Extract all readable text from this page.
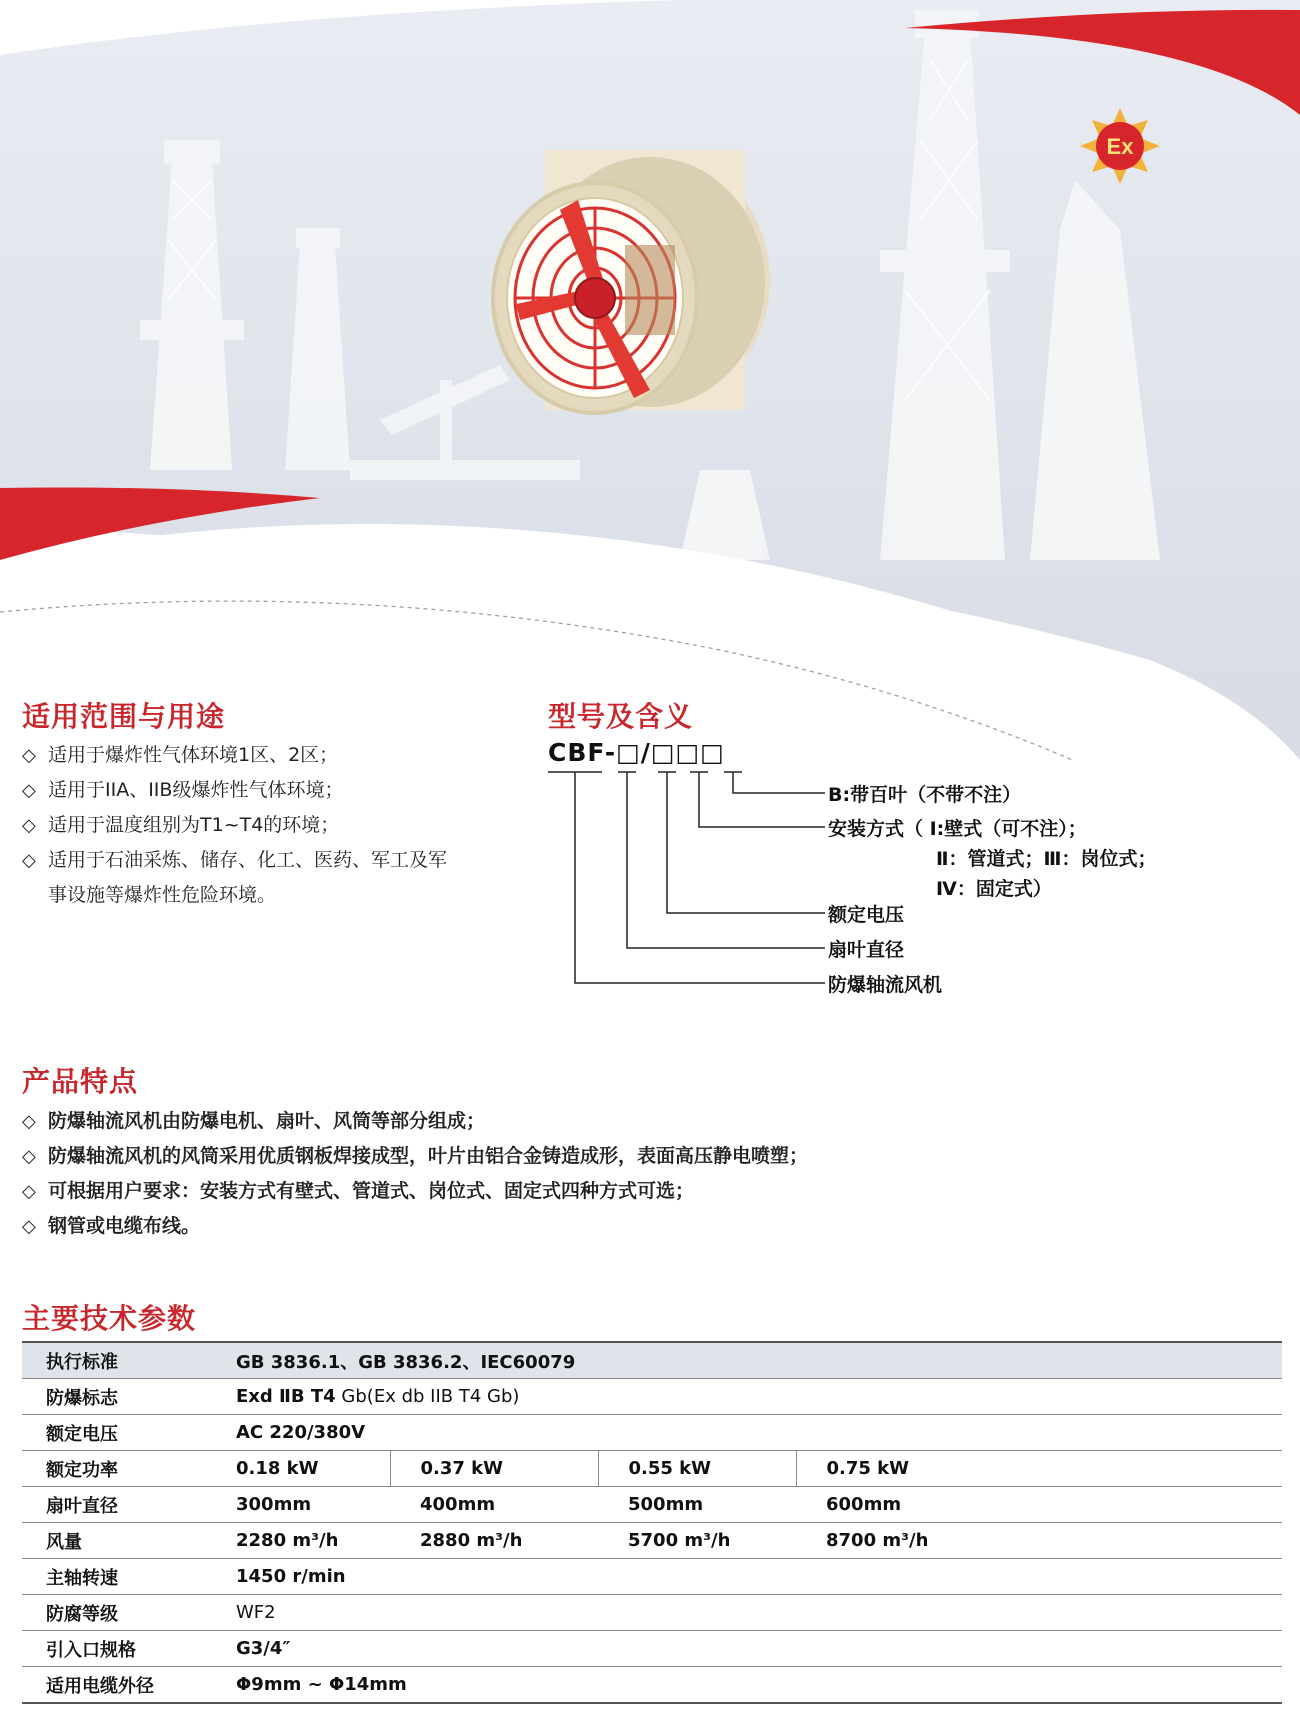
Ex
适用范围与用途
◇ 适用于爆炸性气体环境1区、2区；
◇ 适用于IIA、IIB级爆炸性气体环境；
◇ 适用于温度组别为T1~T4的环境；
◇ 适用于石油采炼、储存、化工、医药、军工及军事设施等爆炸性危险环境。
型号及含义
CBF-□/□□□
B:带百叶（不带不注）
安装方式（ Ⅰ:壁式（可不注）；
Ⅱ：管道式；Ⅲ：岗位式；
Ⅳ：固定式）
额定电压
扇叶直径
防爆轴流风机
产品特点
◇ 防爆轴流风机由防爆电机、扇叶、风筒等部分组成；
◇ 防爆轴流风机的风筒采用优质钢板焊接成型，叶片由铝合金铸造成形，表面高压静电喷塑；
◇ 可根据用户要求：安装方式有壁式、管道式、岗位式、固定式四种方式可选；
◇ 钢管或电缆布线。
主要技术参数
执行标准	GB 3836.1、GB 3836.2、IEC60079			
防爆标志	Exd ⅡB T4 Gb(Ex db IIB T4 Gb)			
额定电压	AC 220/380V			
额定功率	0.18 kW	0.37 kW	0.55 kW	0.75 kW
扇叶直径	300mm	400mm	500mm	600mm
风量	2280 m³/h	2880 m³/h	5700 m³/h	8700 m³/h
主轴转速	1450 r/min			
防腐等级	WF2			
引入口规格	G3/4″			
适用电缆外径	Φ9mm ~ Φ14mm			
